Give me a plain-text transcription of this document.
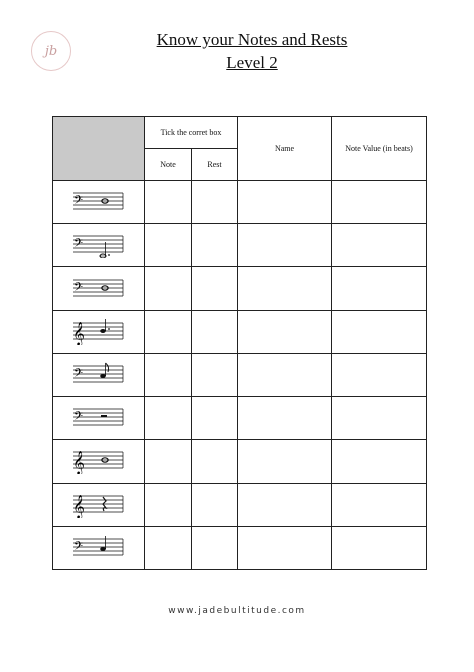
jb
Know your Notes and Rests
Level 2
	Tick the corret box		Name	Note Value (in beats)
	Note	Rest		

𝄢				

𝄢				

𝄢				

𝄞				

𝄢				

𝄢				

𝄞				

𝄞				

𝄢				

www.jadebultitude.com
